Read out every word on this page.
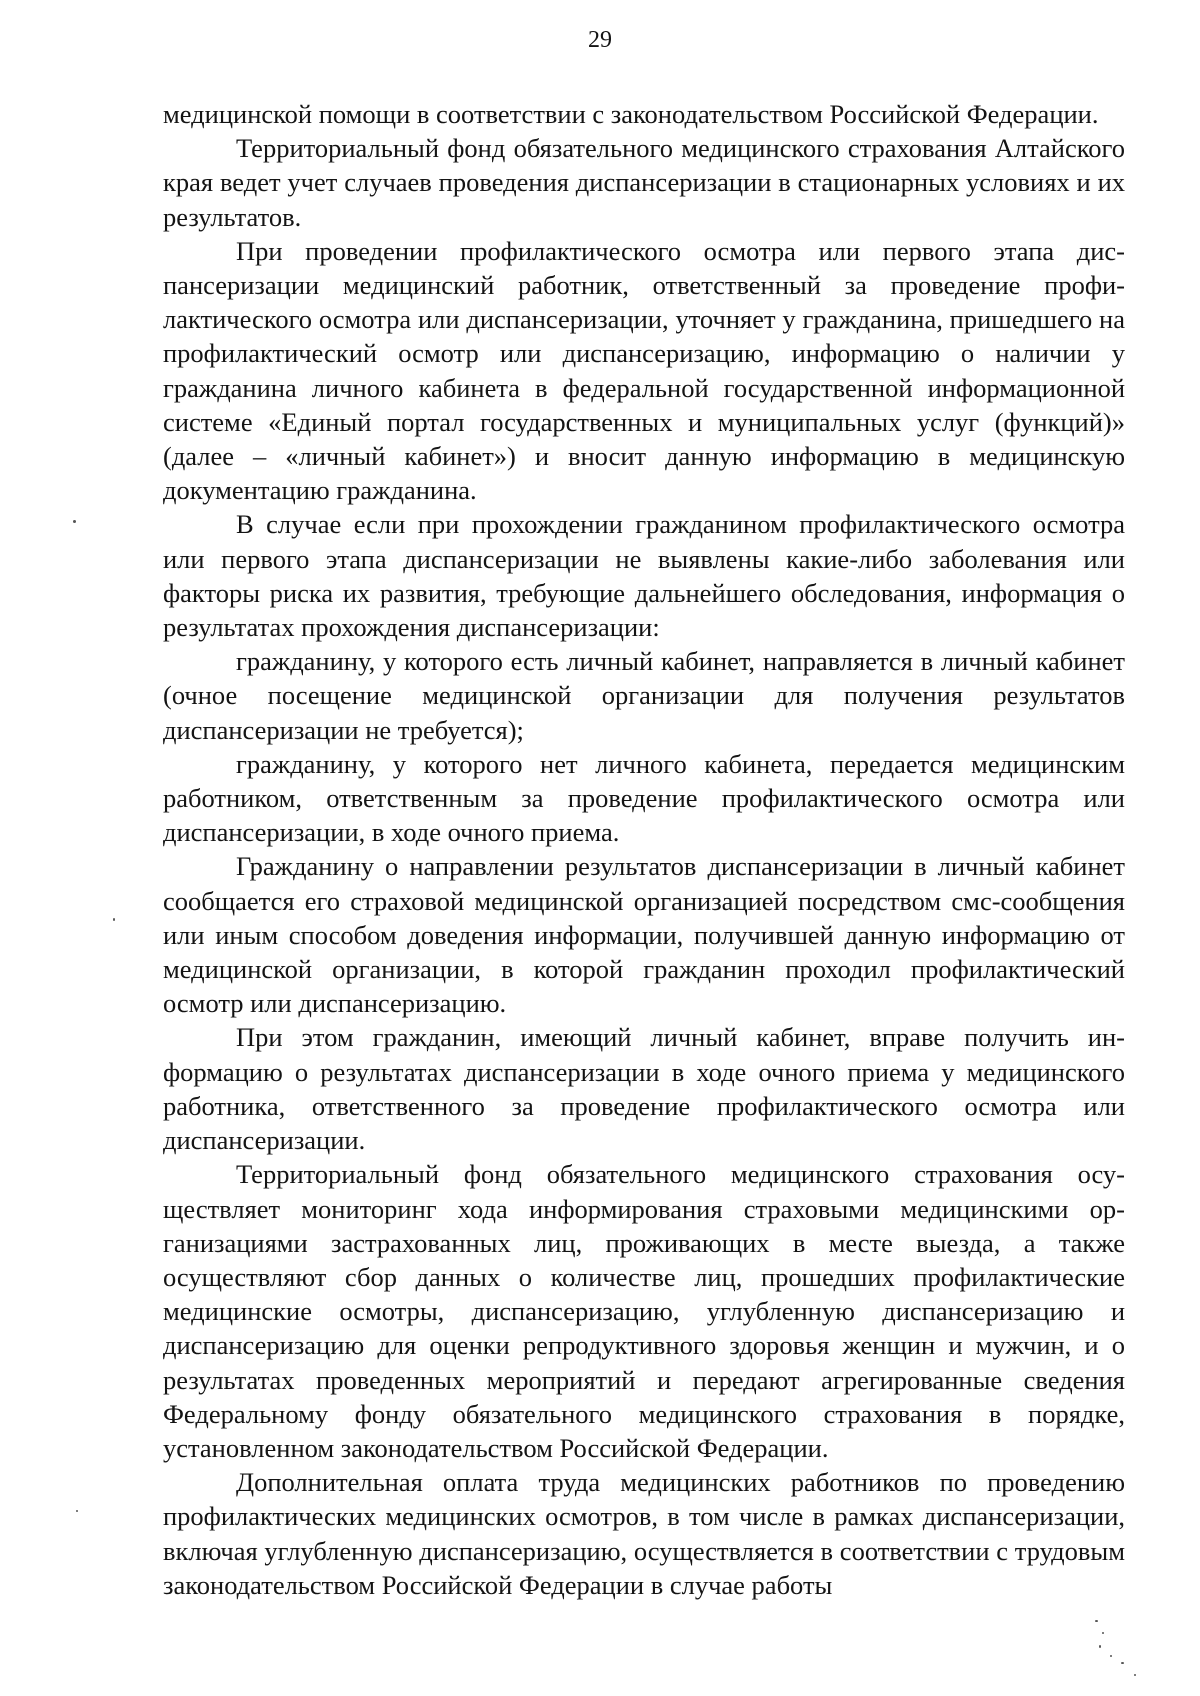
29

медицинской помощи в соответствии с законодательством Российской Федерации.

Территориальный фонд обязательного медицинского страхования Алтайского края ведет учет случаев проведения диспансеризации в стационарных условиях и их результатов.

При проведении профилактического осмотра или первого этапа диспансеризации медицинский работник, ответственный за проведение профилактического осмотра или диспансеризации, уточняет у гражданина, пришедшего на профилактический осмотр или диспансеризацию, информацию о наличии у гражданина личного кабинета в федеральной государственной информационной системе «Единый портал государственных и муниципальных услуг (функций)» (далее – «личный кабинет») и вносит данную информацию в медицинскую документацию гражданина.

В случае если при прохождении гражданином профилактического осмотра или первого этапа диспансеризации не выявлены какие-либо заболевания или факторы риска их развития, требующие дальнейшего обследования, информация о результатах прохождения диспансеризации:

гражданину, у которого есть личный кабинет, направляется в личный кабинет (очное посещение медицинской организации для получения результатов диспансеризации не требуется);

гражданину, у которого нет личного кабинета, передается медицинским работником, ответственным за проведение профилактического осмотра или диспансеризации, в ходе очного приема.

Гражданину о направлении результатов диспансеризации в личный кабинет сообщается его страховой медицинской организацией посредством смс-сообщения или иным способом доведения информации, получившей данную информацию от медицинской организации, в которой гражданин проходил профилактический осмотр или диспансеризацию.

При этом гражданин, имеющий личный кабинет, вправе получить информацию о результатах диспансеризации в ходе очного приема у медицинского работника, ответственного за проведение профилактического осмотра или диспансеризации.

Территориальный фонд обязательного медицинского страхования осуществляет мониторинг хода информирования страховыми медицинскими организациями застрахованных лиц, проживающих в месте выезда, а также осуществляют сбор данных о количестве лиц, прошедших профилактические медицинские осмотры, диспансеризацию, углубленную диспансеризацию и диспансеризацию для оценки репродуктивного здоровья женщин и мужчин, и о результатах проведенных мероприятий и передают агрегированные сведения Федеральному фонду обязательного медицинского страхования в порядке, установленном законодательством Российской Федерации.

Дополнительная оплата труда медицинских работников по проведению профилактических медицинских осмотров, в том числе в рамках диспансеризации, включая углубленную диспансеризацию, осуществляется в соответствии с трудовым законодательством Российской Федерации в случае работы
